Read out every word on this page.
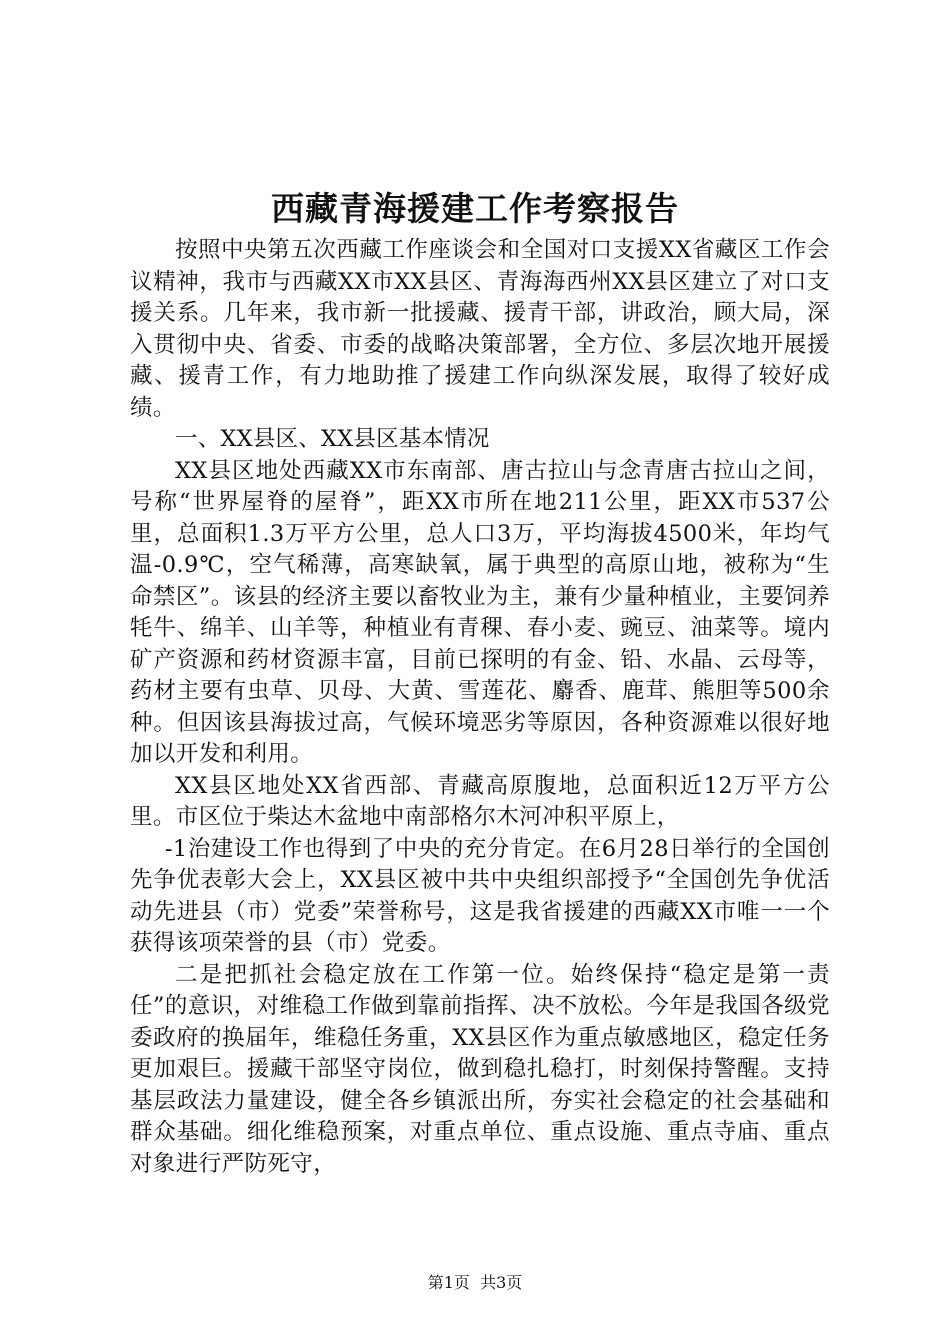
西藏青海援建工作考察报告

按照中央第五次西藏工作座谈会和全国对口支援XX省藏区工作会议精神，我市与西藏XX市XX县区、青海海西州XX县区建立了对口支援关系。几年来，我市新一批援藏、援青干部，讲政治，顾大局，深入贯彻中央、省委、市委的战略决策部署，全方位、多层次地开展援藏、援青工作，有力地助推了援建工作向纵深发展，取得了较好成绩。

一、XX县区、XX县区基本情况

XX县区地处西藏XX市东南部、唐古拉山与念青唐古拉山之间，号称“世界屋脊的屋脊”，距XX市所在地211公里，距XX市537公里，总面积1.3万平方公里，总人口3万，平均海拔4500米，年均气温-0.9℃，空气稀薄，高寒缺氧，属于典型的高原山地，被称为“生命禁区”。该县的经济主要以畜牧业为主，兼有少量种植业，主要饲养牦牛、绵羊、山羊等，种植业有青稞、春小麦、豌豆、油菜等。境内矿产资源和药材资源丰富，目前已探明的有金、铅、水晶、云母等，药材主要有虫草、贝母、大黄、雪莲花、麝香、鹿茸、熊胆等500余种。但因该县海拔过高，气候环境恶劣等原因，各种资源难以很好地加以开发和利用。

XX县区地处XX省西部、青藏高原腹地，总面积近12万平方公里。市区位于柴达木盆地中南部格尔木河冲积平原上，

-1治建设工作也得到了中央的充分肯定。在6月28日举行的全国创先争优表彰大会上，XX县区被中共中央组织部授予“全国创先争优活动先进县（市）党委”荣誉称号，这是我省援建的西藏XX市唯一一个获得该项荣誉的县（市）党委。

二是把抓社会稳定放在工作第一位。始终保持“稳定是第一责任”的意识，对维稳工作做到靠前指挥、决不放松。今年是我国各级党委政府的换届年，维稳任务重，XX县区作为重点敏感地区，稳定任务更加艰巨。援藏干部坚守岗位，做到稳扎稳打，时刻保持警醒。支持基层政法力量建设，健全各乡镇派出所，夯实社会稳定的社会基础和群众基础。细化维稳预案，对重点单位、重点设施、重点寺庙、重点对象进行严防死守，

第1页  共3页
